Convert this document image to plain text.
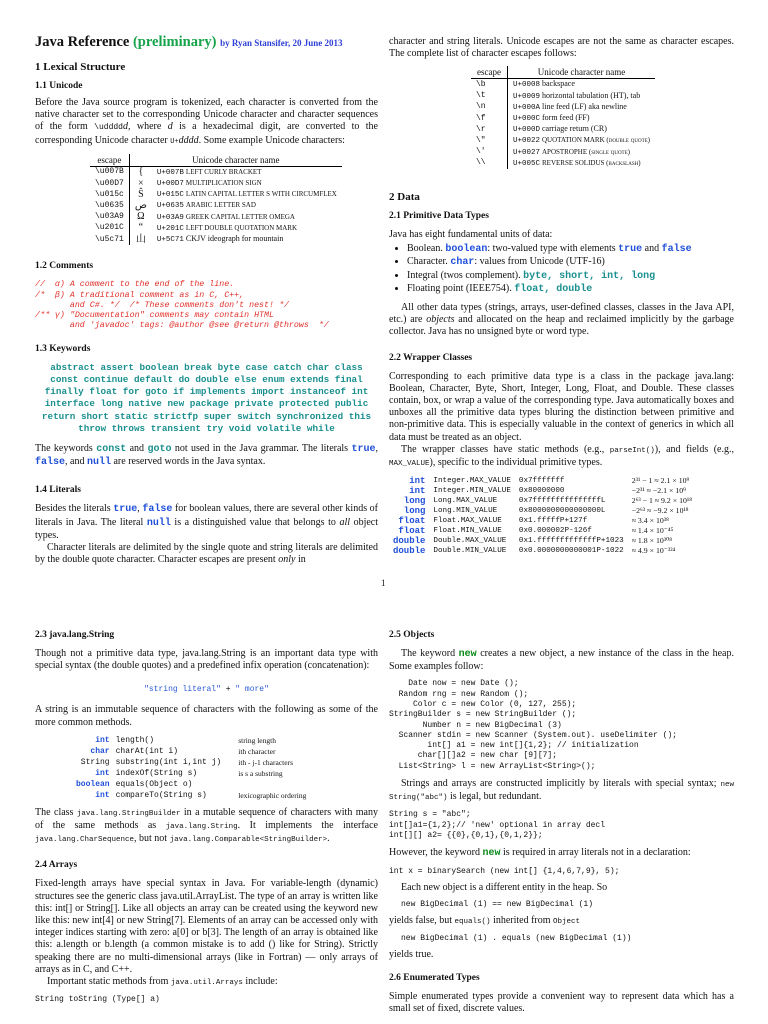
Java Reference (preliminary) by Ryan Stansifer, 20 June 2013

1 Lexical Structure

1.1 Unicode

Before the Java source program is tokenized, each character is converted from the native character set to the corresponding Unicode character and character sequences of the form \uddddd, where d is a hexadecimal digit, are converted to the corresponding Unicode character U+dddd. Some example Unicode characters:

escape	Unicode character name	
\u007B	{	U+007B LEFT CURLY BRACKET
\u00D7	×	U+00D7 MULTIPLICATION SIGN
\u015c	Ŝ	U+015C LATIN CAPITAL LETTER S WITH CIRCUMFLEX
\u0635	ص	U+0635 ARABIC LETTER SAD
\u03A9	Ω	U+03A9 GREEK CAPITAL LETTER OMEGA
\u201C	“	U+201C LEFT DOUBLE QUOTATION MARK
\u5c71	山	U+5C71 CKJV ideograph for mountain

1.2 Comments

//  α) A comment to the end of the line.
/*  β) A traditional comment as in C, C++,
and C#. */  /* These comments don't nest! */
/** γ) "Documentation" comments may contain HTML
and 'javadoc' tags: @author @see @return @throws  */

1.3 Keywords

abstract assert boolean break byte case catch char class const continue default do double else enum extends final finally float for goto if implements import instanceof int interface long native new package private protected public return short static strictfp super switch synchronized this throw throws transient try void volatile while

The keywords const and goto not used in the Java grammar. The literals true, false, and null are reserved words in the Java syntax.

1.4 Literals

Besides the literals true, false for boolean values, there are several other kinds of literals in Java. The literal null is a distinguished value that belongs to all object types.

Character literals are delimited by the single quote and string literals are delimited by the double quote character. Character escapes are present only in

character and string literals. Unicode escapes are not the same as character escapes. The complete list of character escapes follows:

escape	Unicode character name
\b	U+0008 backspace
\t	U+0009 horizontal tabulation (HT), tab
\n	U+000A line feed (LF) aka newline
\f	U+000C form feed (FF)
\r	U+000D carriage return (CR)
\"	U+0022 QUOTATION MARK (double quote)
\'	U+0027 APOSTROPHE (single quote)
\\	U+005C REVERSE SOLIDUS (backslash)

2 Data

2.1 Primitive Data Types

Java has eight fundamental units of data:

• Boolean. boolean: two-valued type with elements true and false
• Character. char: values from Unicode (UTF-16)
• Integral (twos complement). byte, short, int, long
• Floating point (IEEE754). float, double

All other data types (strings, arrays, user-defined classes, classes in the Java API, etc.) are objects and allocated on the heap and reclaimed implicitly by the garbage collector. Java has no unsigned byte or word type.

2.2 Wrapper Classes

Corresponding to each primitive data type is a class in the package java.lang: Boolean, Character, Byte, Short, Integer, Long, Float, and Double. These classes contain, box, or wrap a value of the corresponding type. Java automatically boxes and unboxes all the primitive data types bluring the distinction between primitive and non-primitive data. This is especially valuable in the context of generics in which all data must be treated as an object.

The wrapper classes have static methods (e.g., parseInt()), and fields (e.g., MAX_VALUE), specific to the individual primitive types.

int	Integer.MAX_VALUE	0x7fffffff	2³¹ − 1 ≈ 2.1 × 10⁹
int	Integer.MIN_VALUE	0x80000000	−2³¹ ≈ −2.1 × 10⁹
long	Long.MAX_VALUE	0x7fffffffffffffffL	2⁶³ − 1 ≈ 9.2 × 10¹⁸
long	Long.MIN_VALUE	0x8000000000000000L	−2⁶³ ≈ −9.2 × 10¹⁸
float	Float.MAX_VALUE	0x1.fffffP+127f	≈ 3.4 × 10³⁸
float	Float.MIN_VALUE	0x0.000002P-126f	≈ 1.4 × 10⁻⁴⁵
double	Double.MAX_VALUE	0x1.fffffffffffffP+1023	≈ 1.8 × 10³⁰⁸
double	Double.MIN_VALUE	0x0.0000000000001P-1022	≈ 4.9 × 10⁻³²⁴
1

2.3 java.lang.String

Though not a primitive data type, java.lang.String is an important data type with special syntax (the double quotes) and a predefined infix operation (concatenation):

"string literal" + " more"

A string is an immutable sequence of characters with the following as some of the more common methods.

int	length()	string length
char	charAt(int i)	ith character
String	substring(int i,int j)	ith - j-1 characters
int	indexOf(String s)	is s a substring
boolean	equals(Object o)	
int	compareTo(String s)	lexicographic ordering

The class java.lang.StringBuilder in a mutable sequence of characters with many of the same methods as java.lang.String. It implements the interface java.lang.CharSequence, but not java.lang.Comparable<StringBuilder>.

2.4 Arrays

Fixed-length arrays have special syntax in Java. For variable-length (dynamic) structures see the generic class java.util.ArrayList. The type of an array is written like this: int[] or String[]. Like all objects an array can be created using the keyword new like this: new int[4] or new String[7]. Elements of an array can be accessed only with integer indices starting with zero: a[0] or b[3]. The length of an array is obtained like this: a.length or b.length (a common mistake is to add () like for String). Strictly speaking there are no multi-dimensional arrays (like in Fortran) — only arrays of arrays as in C, and C++.

Important static methods from java.util.Arrays include:

String toString (Type[] a)

2.5 Objects

The keyword new creates a new object, a new instance of the class in the heap. Some examples follow:

Date now = new Date ();
Random rng = new Random ();
Color c = new Color (0, 127, 255);
StringBuilder s = new StringBuilder ();
Number n = new BigDecimal (3)
Scanner stdin = new Scanner (System.out). useDelimiter ();
int[] a1 = new int[]{1,2}; // initialization
char[][]a2 = new char [9][7];
List<String> l = new ArrayList<String>();

Strings and arrays are constructed implicitly by literals with special syntax; new String("abc") is legal, but redundant.

String s = "abc";
int[]a1={1,2};// 'new' optional in array decl
int[][] a2= {{0},{0,1},{0,1,2}};

However, the keyword new is required in array literals not in a declaration:

int x = binarySearch (new int[] {1,4,6,7,9}, 5);

Each new object is a different entity in the heap. So

new BigDecimal (1) == new BigDecimal (1)

yields false, but equals() inherited from Object

new BigDecimal (1) . equals (new BigDecimal (1))

yields true.

2.6 Enumerated Types

Simple enumerated types provide a convenient way to represent data which has a small set of fixed, discrete values.
